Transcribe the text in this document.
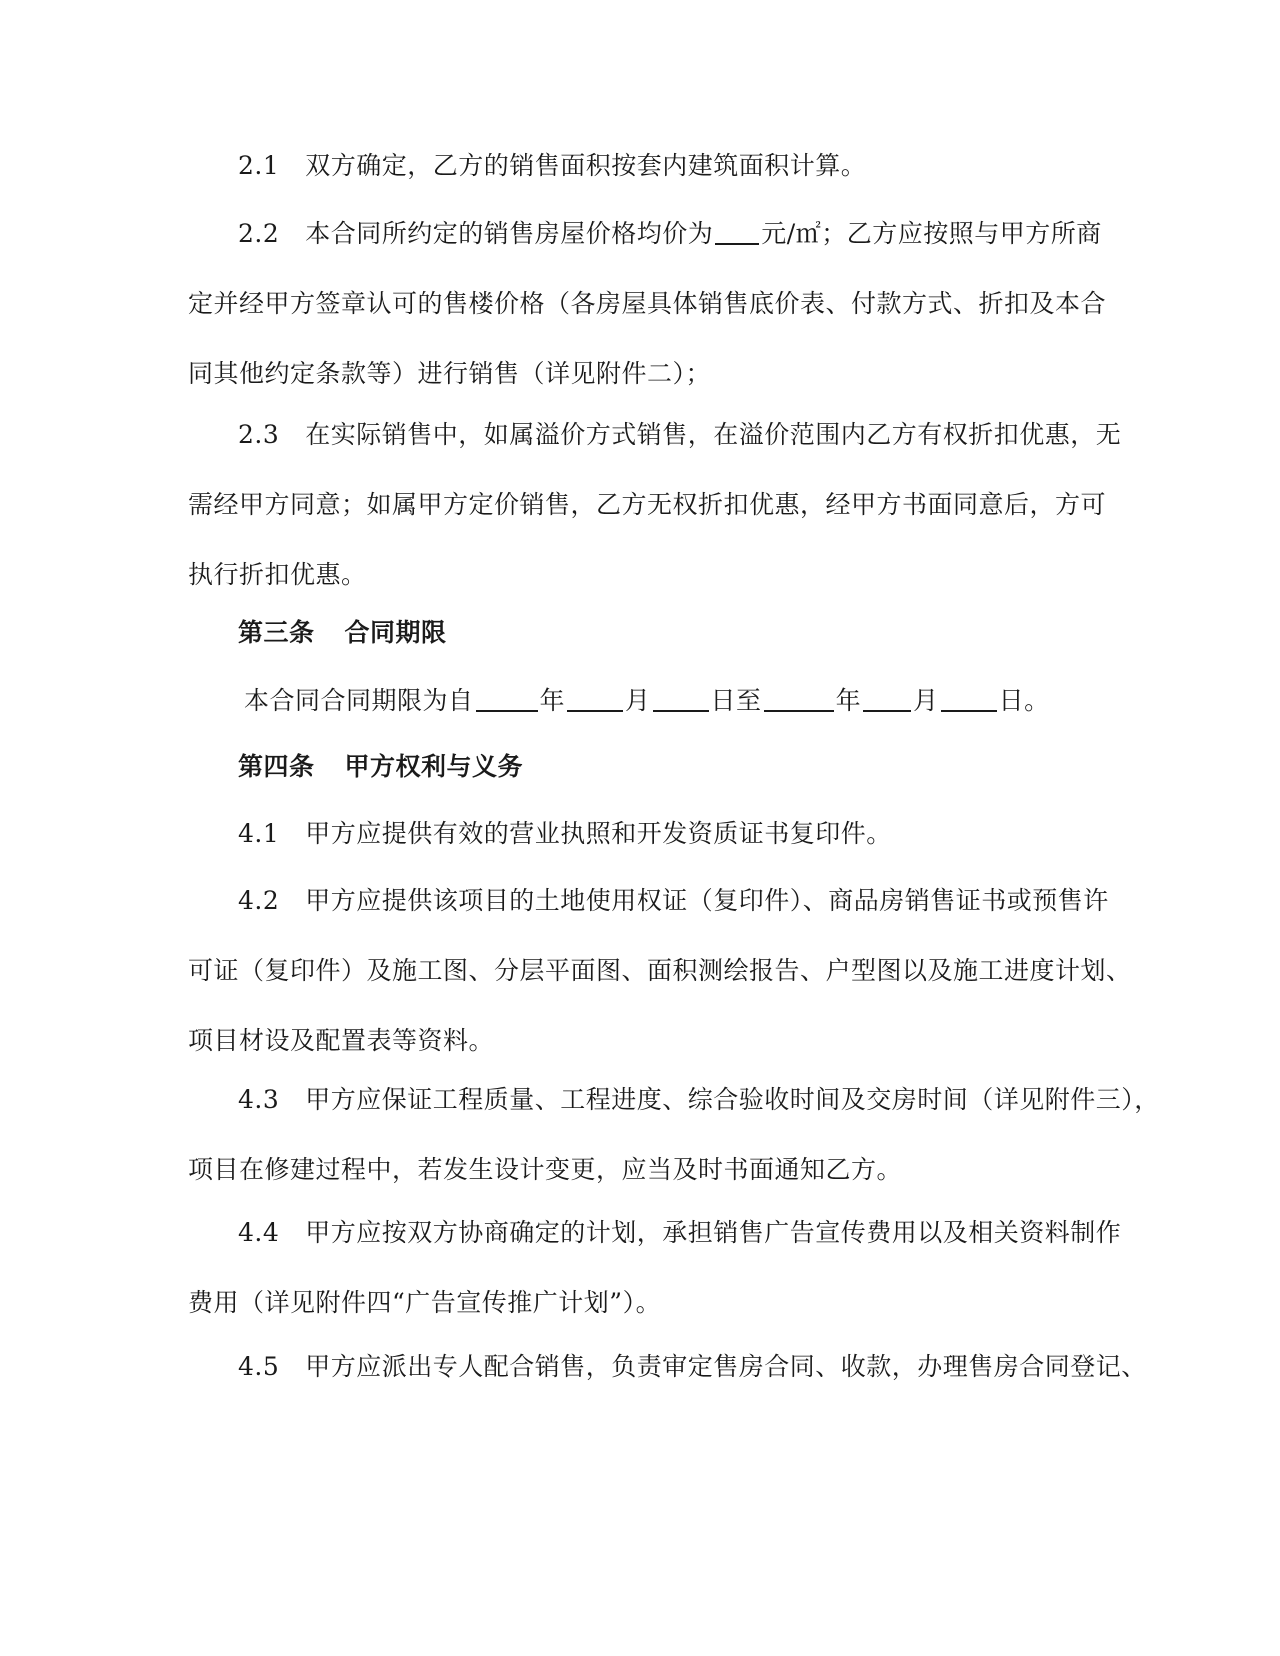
2.1 双方确定，乙方的销售面积按套内建筑面积计算。
2.2 本合同所约定的销售房屋价格均价为 元/㎡；乙方应按照与甲方所商
定并经甲方签章认可的售楼价格（各房屋具体销售底价表、付款方式、折扣及本合
同其他约定条款等）进行销售（详见附件二）；
2.3 在实际销售中，如属溢价方式销售，在溢价范围内乙方有权折扣优惠，无
需经甲方同意；如属甲方定价销售，乙方无权折扣优惠，经甲方书面同意后，方可
执行折扣优惠。
第三条 合同期限
本合同合同期限为自	年 月 日至	年 月 日。
第四条 甲方权利与义务
4.1 甲方应提供有效的营业执照和开发资质证书复印件。
4.2 甲方应提供该项目的土地使用权证（复印件）、商品房销售证书或预售许
可证（复印件）及施工图、分层平面图、面积测绘报告、户型图以及施工进度计划、
项目材设及配置表等资料。
4.3 甲方应保证工程质量、工程进度、综合验收时间及交房时间（详见附件三），
项目在修建过程中，若发生设计变更，应当及时书面通知乙方。
4.4 甲方应按双方协商确定的计划，承担销售广告宣传费用以及相关资料制作
费用（详见附件四“广告宣传推广计划”）。
4.5 甲方应派出专人配合销售，负责审定售房合同、收款，办理售房合同登记、
